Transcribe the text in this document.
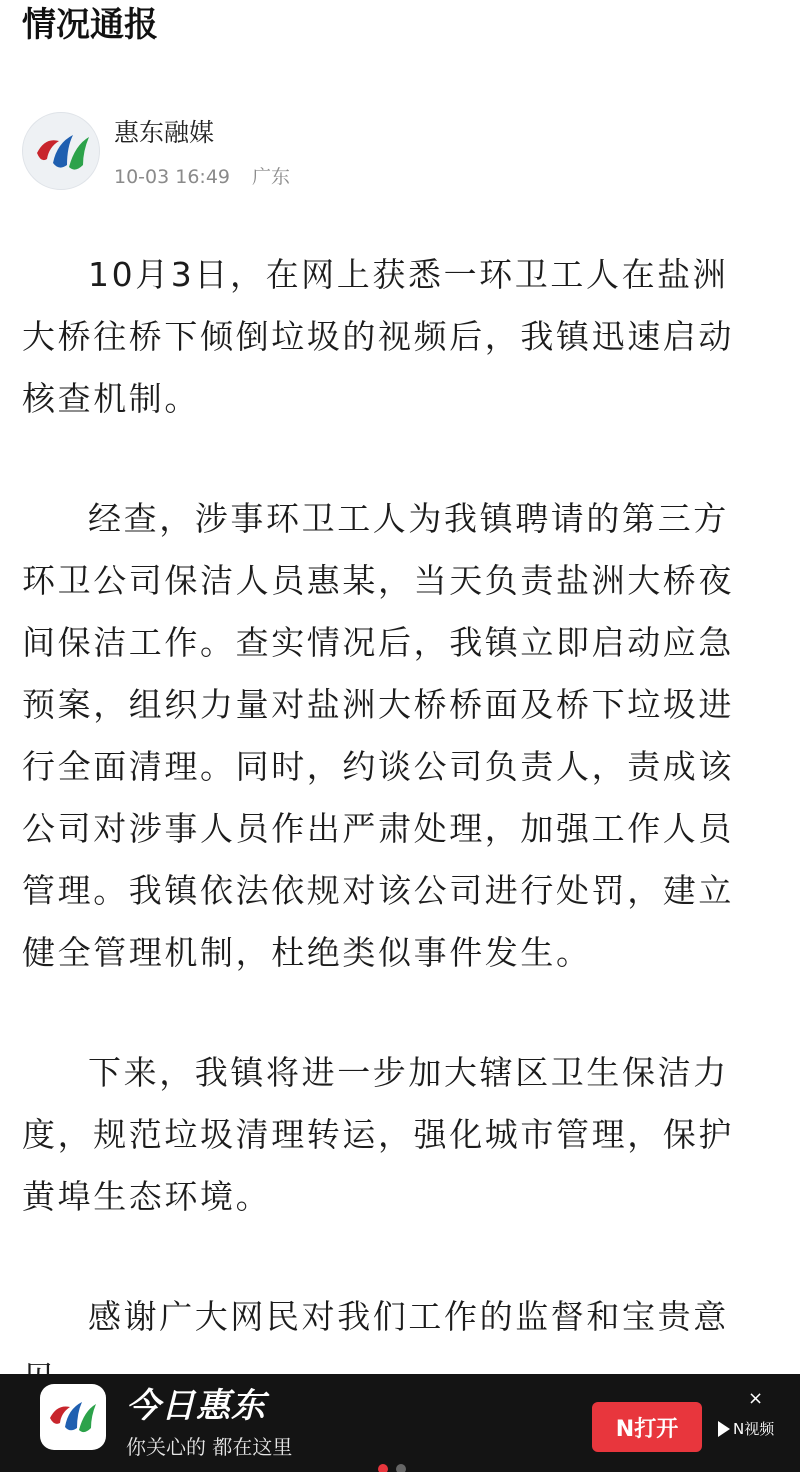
情况通报
惠东融媒
10-03 16:49 广东

10月3日，在网上获悉一环卫工人在盐洲大桥往桥下倾倒垃圾的视频后，我镇迅速启动核查机制。

经查，涉事环卫工人为我镇聘请的第三方环卫公司保洁人员惠某，当天负责盐洲大桥夜间保洁工作。查实情况后，我镇立即启动应急预案，组织力量对盐洲大桥桥面及桥下垃圾进行全面清理。同时，约谈公司负责人，责成该公司对涉事人员作出严肃处理，加强工作人员管理。我镇依法依规对该公司进行处罚，建立健全管理机制，杜绝类似事件发生。

下来，我镇将进一步加大辖区卫生保洁力度，规范垃圾清理转运，强化城市管理，保护黄埠生态环境。

感谢广大网民对我们工作的监督和宝贵意

今日惠东
你关心的 都在这里
N打开	N视频
×
